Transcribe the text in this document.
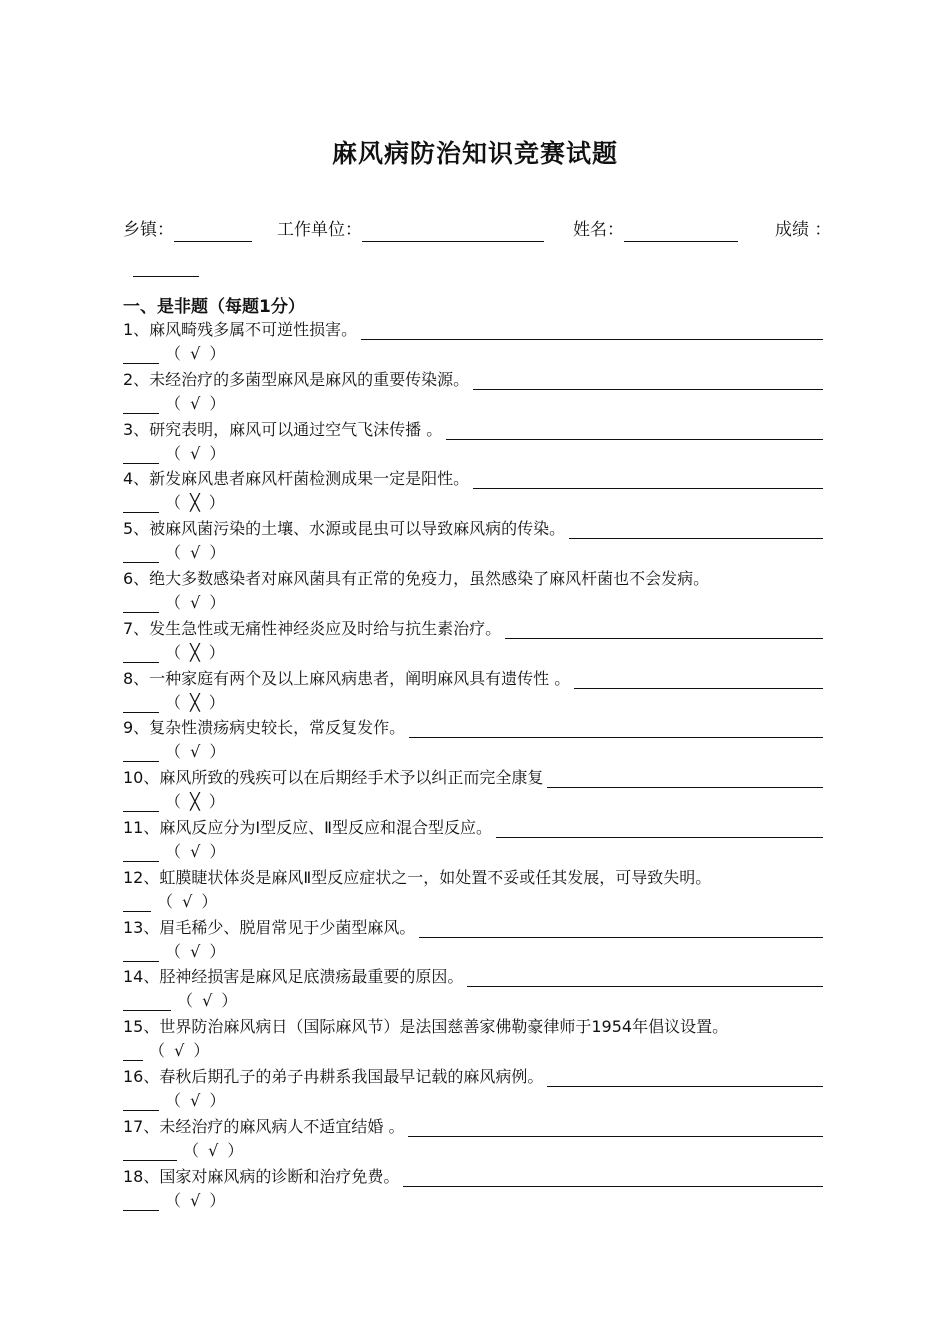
麻风病防治知识竞赛试题
乡镇：	工作单位：	姓名：	成绩 ：
一、是非题（每题1分）
1、麻风畸残多属不可逆性损害。
（ √ ）
2、未经治疗的多菌型麻风是麻风的重要传染源。
（ √ ）
3、研究表明，麻风可以通过空气飞沫传播 。
（ √ ）
4、新发麻风患者麻风杆菌检测成果一定是阳性。
（ ╳ ）
5、被麻风菌污染的土壤、水源或昆虫可以导致麻风病的传染。
（ √ ）
6、绝大多数感染者对麻风菌具有正常的免疫力，虽然感染了麻风杆菌也不会发病。
（ √ ）
7、发生急性或无痛性神经炎应及时给与抗生素治疗。
（ ╳ ）
8、一种家庭有两个及以上麻风病患者，阐明麻风具有遗传性 。
（ ╳ ）
9、复杂性溃疡病史较长，常反复发作。
（ √ ）
10、麻风所致的残疾可以在后期经手术予以纠正而完全康复
（ ╳ ）
11、麻风反应分为Ⅰ型反应、Ⅱ型反应和混合型反应。
（ √ ）
12、虹膜睫状体炎是麻风Ⅱ型反应症状之一，如处置不妥或任其发展，可导致失明。
（ √ ）
13、眉毛稀少、脱眉常见于少菌型麻风。
（ √ ）
14、胫神经损害是麻风足底溃疡最重要的原因。
（ √ ）
15、世界防治麻风病日（国际麻风节）是法国慈善家佛勒豪律师于1954年倡议设置。
（ √ ）
16、春秋后期孔子的弟子冉耕系我国最早记载的麻风病例。
（ √ ）
17、未经治疗的麻风病人不适宜结婚 。
（ √ ）
18、国家对麻风病的诊断和治疗免费。
（ √ ）
